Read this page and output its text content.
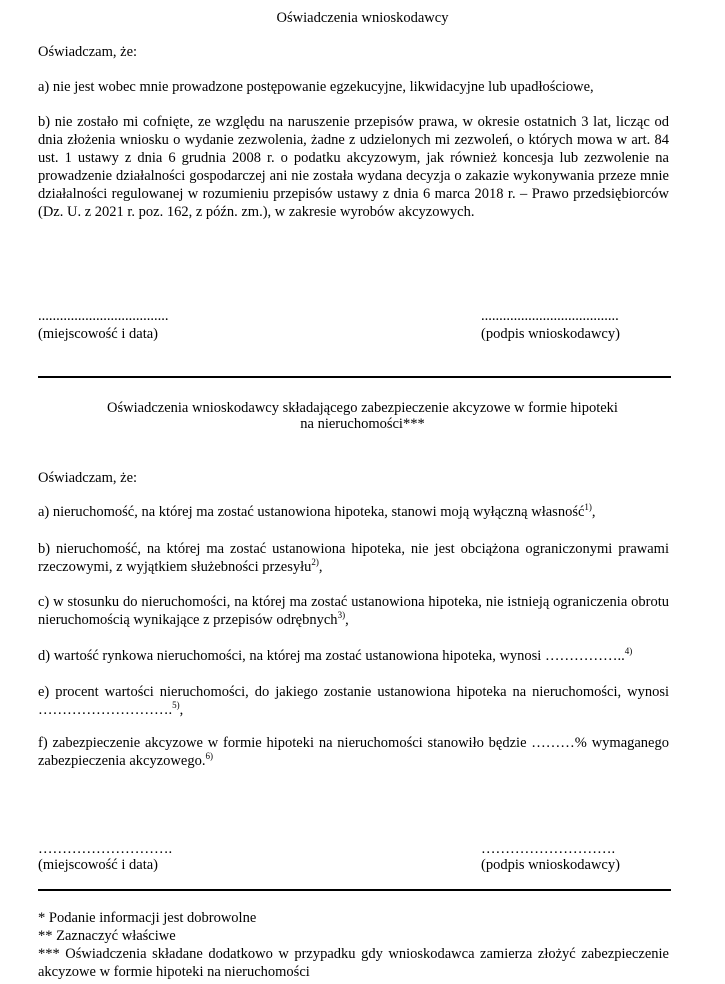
Oświadczenia wnioskodawcy
Oświadczam, że:
a) nie jest wobec mnie prowadzone postępowanie egzekucyjne, likwidacyjne lub upadłościowe,
b) nie zostało mi cofnięte, ze względu na naruszenie przepisów prawa, w okresie ostatnich 3 lat, licząc od dnia złożenia wniosku o wydanie zezwolenia, żadne z udzielonych mi zezwoleń, o których mowa w art. 84 ust. 1 ustawy z dnia 6 grudnia 2008 r. o podatku akcyzowym, jak również koncesja lub zezwolenie na prowadzenie działalności gospodarczej ani nie została wydana decyzja o zakazie wykonywania przeze mnie działalności regulowanej w rozumieniu przepisów ustawy z dnia 6 marca 2018 r. – Prawo przedsiębiorców (Dz. U. z 2021 r. poz. 162, z późn. zm.), w zakresie wyrobów akcyzowych.
....................................
(miejscowość i data)
......................................
(podpis wnioskodawcy)
Oświadczenia wnioskodawcy składającego zabezpieczenie akcyzowe w formie hipoteki
na nieruchomości***
Oświadczam, że:
a) nieruchomość, na której ma zostać ustanowiona hipoteka, stanowi moją wyłączną własność$^{1)}$,
b) nieruchomość, na której ma zostać ustanowiona hipoteka, nie jest obciążona ograniczonymi prawami rzeczowymi, z wyjątkiem służebności przesyłu$^{2)}$,
c) w stosunku do nieruchomości, na której ma zostać ustanowiona hipoteka, nie istnieją ograniczenia obrotu nieruchomością wynikające z przepisów odrębnych$^{3)}$,
d) wartość rynkowa nieruchomości, na której ma zostać ustanowiona hipoteka, wynosi ……………..$^{4)}$
e) procent wartości nieruchomości, do jakiego zostanie ustanowiona hipoteka na nieruchomości, wynosi ……………………….$^{5)}$,
f) zabezpieczenie akcyzowe w formie hipoteki na nieruchomości stanowiło będzie ………% wymaganego zabezpieczenia akcyzowego.$^{6)}$
……………………….
(miejscowość i data)
……………………….
(podpis wnioskodawcy)
* Podanie informacji jest dobrowolne
** Zaznaczyć właściwe
*** Oświadczenia składane dodatkowo w przypadku gdy wnioskodawca zamierza złożyć zabezpieczenie akcyzowe w formie hipoteki na nieruchomości
